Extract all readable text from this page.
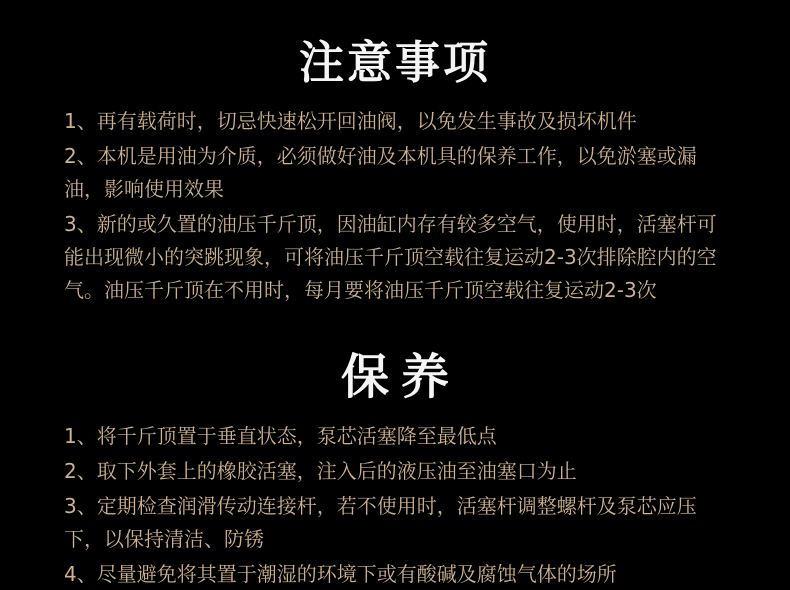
注意事项

1、再有载荷时，切忌快速松开回油阀，以免发生事故及损坏机件

2、本机是用油为介质，必须做好油及本机具的保养工作，以免淤塞或漏油，影响使用效果

3、新的或久置的油压千斤顶，因油缸内存有较多空气，使用时，活塞杆可能出现微小的突跳现象，可将油压千斤顶空载往复运动2-3次排除腔内的空气。油压千斤顶在不用时，每月要将油压千斤顶空载往复运动2-3次

保养

1、将千斤顶置于垂直状态，泵芯活塞降至最低点

2、取下外套上的橡胶活塞，注入后的液压油至油塞口为止

3、定期检查润滑传动连接杆，若不使用时，活塞杆调整螺杆及泵芯应压下，以保持清洁、防锈

4、尽量避免将其置于潮湿的环境下或有酸碱及腐蚀气体的场所
